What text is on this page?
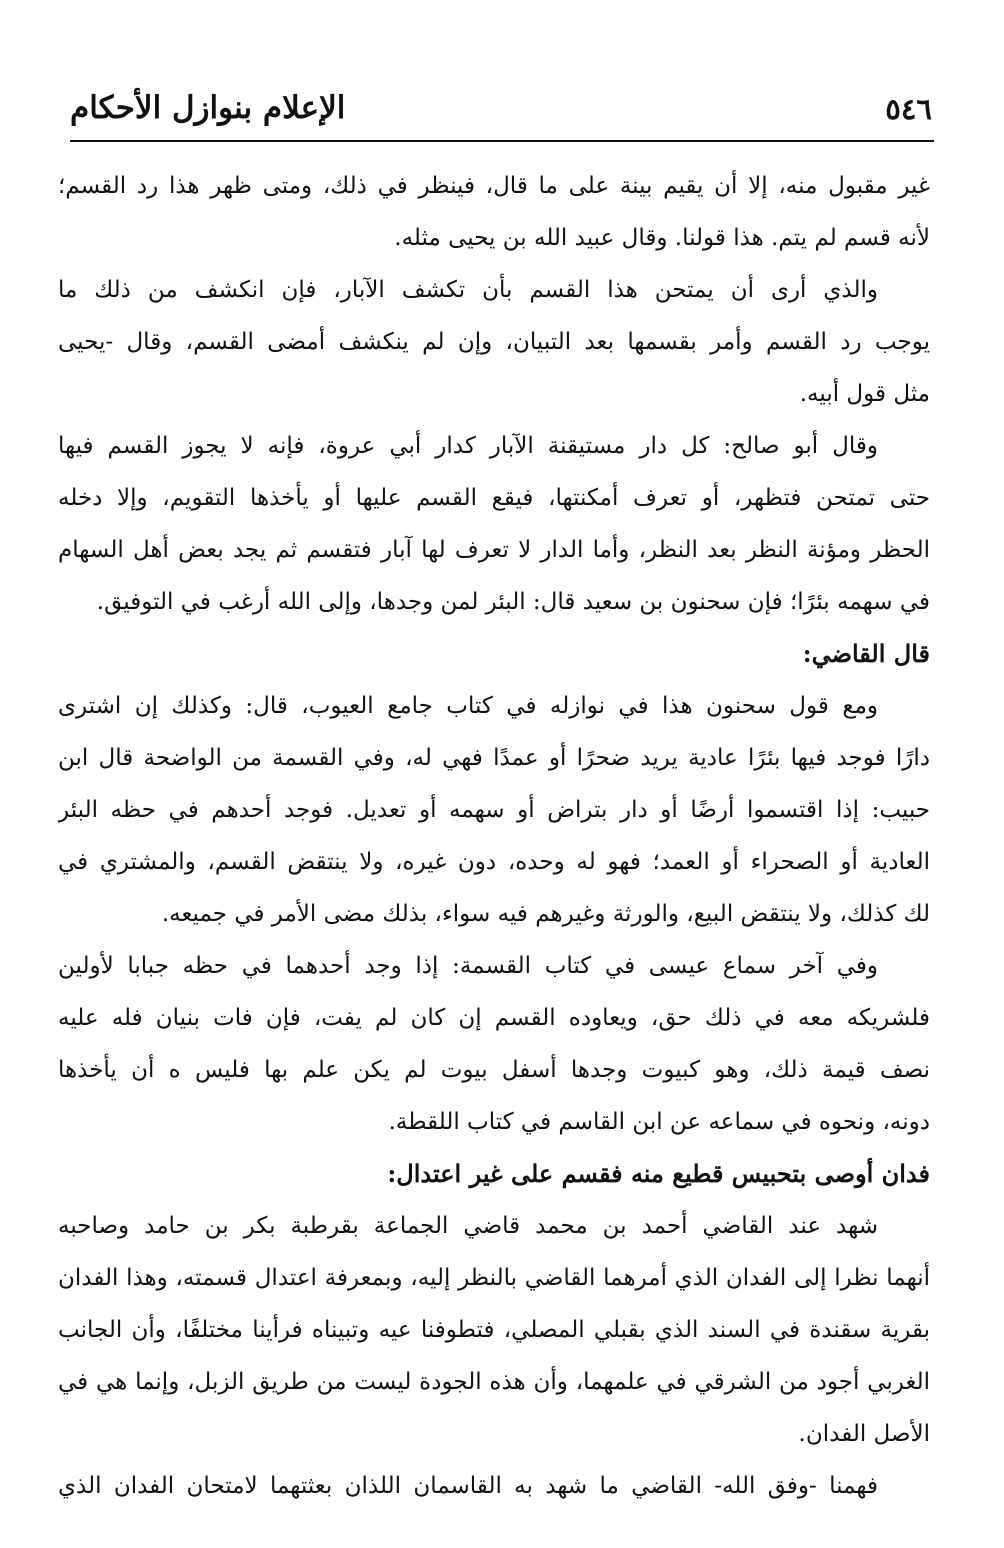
الإعلام بنوازل الأحكام	٥٤٦
غير مقبول منه، إلا أن يقيم بينة على ما قال، فينظر في ذلك، ومتى ظهر هذا رد القسم؛
لأنه قسم لم يتم. هذا قولنا. وقال عبيد الله بن يحيى مثله.
والذي أرى أن يمتحن هذا القسم بأن تكشف الآبار، فإن انكشف من ذلك ما
يوجب رد القسم وأمر بقسمها بعد التبيان، وإن لم ينكشف أمضى القسم، وقال -يحيى
مثل قول أبيه.
وقال أبو صالح: كل دار مستيقنة الآبار كدار أبي عروة، فإنه لا يجوز القسم فيها
حتى تمتحن فتظهر، أو تعرف أمكنتها، فيقع القسم عليها أو يأخذها التقويم، وإلا دخله
الحظر ومؤنة النظر بعد النظر، وأما الدار لا تعرف لها آبار فتقسم ثم يجد بعض أهل السهام
في سهمه بئرًا؛ فإن سحنون بن سعيد قال: البئر لمن وجدها، وإلى الله أرغب في التوفيق.
قال القاضي:
ومع قول سحنون هذا في نوازله في كتاب جامع العيوب، قال: وكذلك إن اشترى
دارًا فوجد فيها بئرًا عادية يريد ضحرًا أو عمدًا فهي له، وفي القسمة من الواضحة قال ابن
حبيب: إذا اقتسموا أرضًا أو دار بتراض أو سهمه أو تعديل. فوجد أحدهم في حظه البئر
العادية أو الصحراء أو العمد؛ فهو له وحده، دون غيره، ولا ينتقض القسم، والمشتري في
لك كذلك، ولا ينتقض البيع، والورثة وغيرهم فيه سواء، بذلك مضى الأمر في جميعه.
وفي آخر سماع عيسى في كتاب القسمة: إذا وجد أحدهما في حظه جبابا لأولين
فلشريكه معه في ذلك حق، ويعاوده القسم إن كان لم يفت، فإن فات بنيان فله عليه
نصف قيمة ذلك، وهو كبيوت وجدها أسفل بيوت لم يكن علم بها فليس ه أن يأخذها
دونه، ونحوه في سماعه عن ابن القاسم في كتاب اللقطة.
فدان أوصى بتحبيس قطيع منه فقسم على غير اعتدال:
شهد عند القاضي أحمد بن محمد قاضي الجماعة بقرطبة بكر بن حامد وصاحبه
أنهما نظرا إلى الفدان الذي أمرهما القاضي بالنظر إليه، وبمعرفة اعتدال قسمته، وهذا الفدان
بقرية سقندة في السند الذي بقبلي المصلي، فتطوفنا عيه وتبيناه فرأينا مختلفًا، وأن الجانب
الغربي أجود من الشرقي في علمهما، وأن هذه الجودة ليست من طريق الزبل، وإنما هي في
الأصل الفدان.
فهمنا -وفق الله- القاضي ما شهد به القاسمان اللذان بعثتهما لامتحان الفدان الذي
